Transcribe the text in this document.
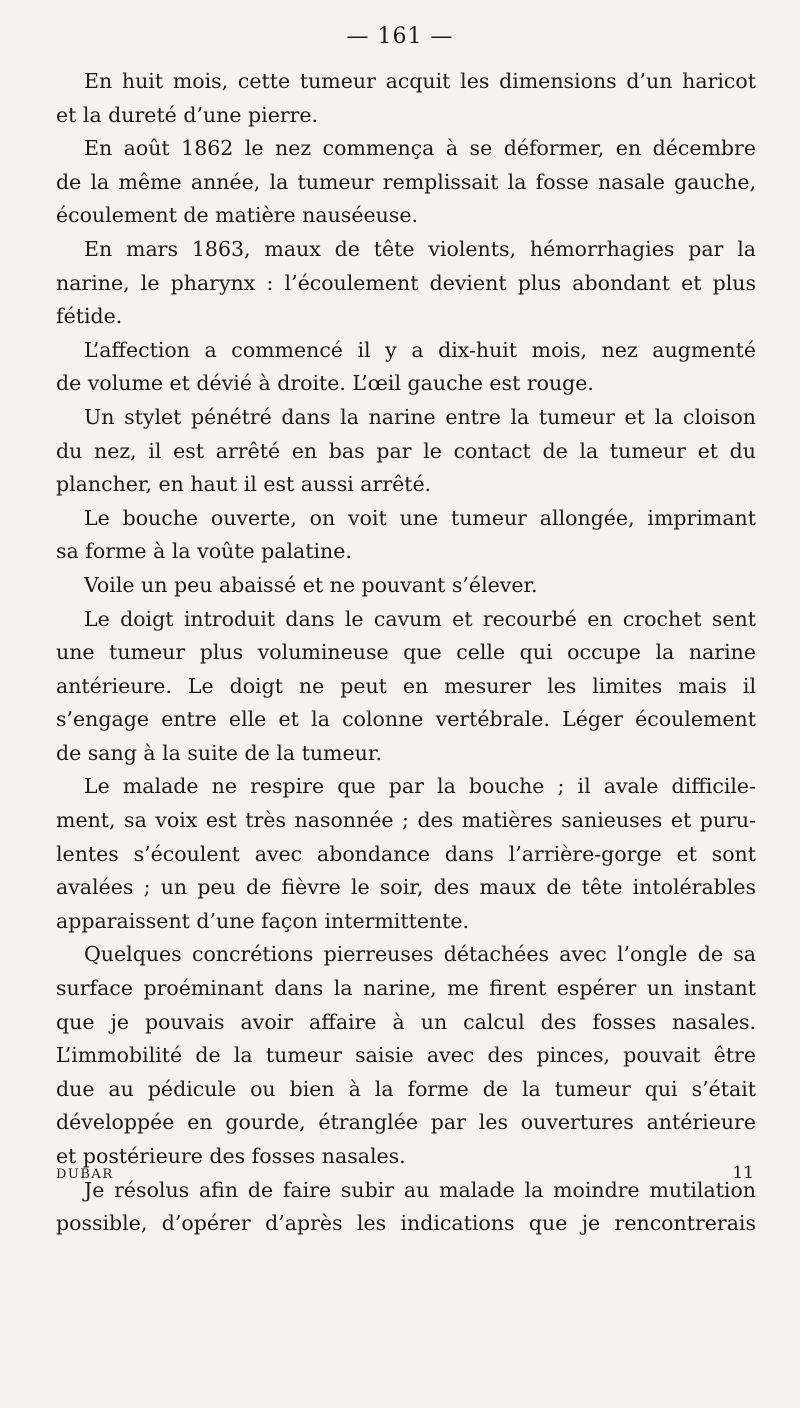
— 161 —
En huit mois, cette tumeur acquit les dimensions d’un haricot
et la dureté d’une pierre.
En août 1862 le nez commença à se déformer, en décembre
de la même année, la tumeur remplissait la fosse nasale gauche,
écoulement de matière nauséeuse.
En mars 1863, maux de tête violents, hémorrhagies par la
narine, le pharynx : l’écoulement devient plus abondant et plus
fétide.
L’affection a commencé il y a dix-huit mois, nez augmenté
de volume et dévié à droite. L’œil gauche est rouge.
Un stylet pénétré dans la narine entre la tumeur et la cloison
du nez, il est arrêté en bas par le contact de la tumeur et du
plancher, en haut il est aussi arrêté.
Le bouche ouverte, on voit une tumeur allongée, imprimant
sa forme à la voûte palatine.
Voile un peu abaissé et ne pouvant s’élever.
Le doigt introduit dans le cavum et recourbé en crochet sent
une tumeur plus volumineuse que celle qui occupe la narine
antérieure. Le doigt ne peut en mesurer les limites mais il
s’engage entre elle et la colonne vertébrale. Léger écoulement
de sang à la suite de la tumeur.
Le malade ne respire que par la bouche ; il avale difficile-
ment, sa voix est très nasonnée ; des matières sanieuses et puru-
lentes s’écoulent avec abondance dans l’arrière-gorge et sont
avalées ; un peu de fièvre le soir, des maux de tête intolérables
apparaissent d’une façon intermittente.
Quelques concrétions pierreuses détachées avec l’ongle de sa
surface proéminant dans la narine, me firent espérer un instant
que je pouvais avoir affaire à un calcul des fosses nasales.
L’immobilité de la tumeur saisie avec des pinces, pouvait être
due au pédicule ou bien à la forme de la tumeur qui s’était
développée en gourde, étranglée par les ouvertures antérieure
et postérieure des fosses nasales.
Je résolus afin de faire subir au malade la moindre mutilation
possible, d’opérer d’après les indications que je rencontrerais
DUBAR	11
